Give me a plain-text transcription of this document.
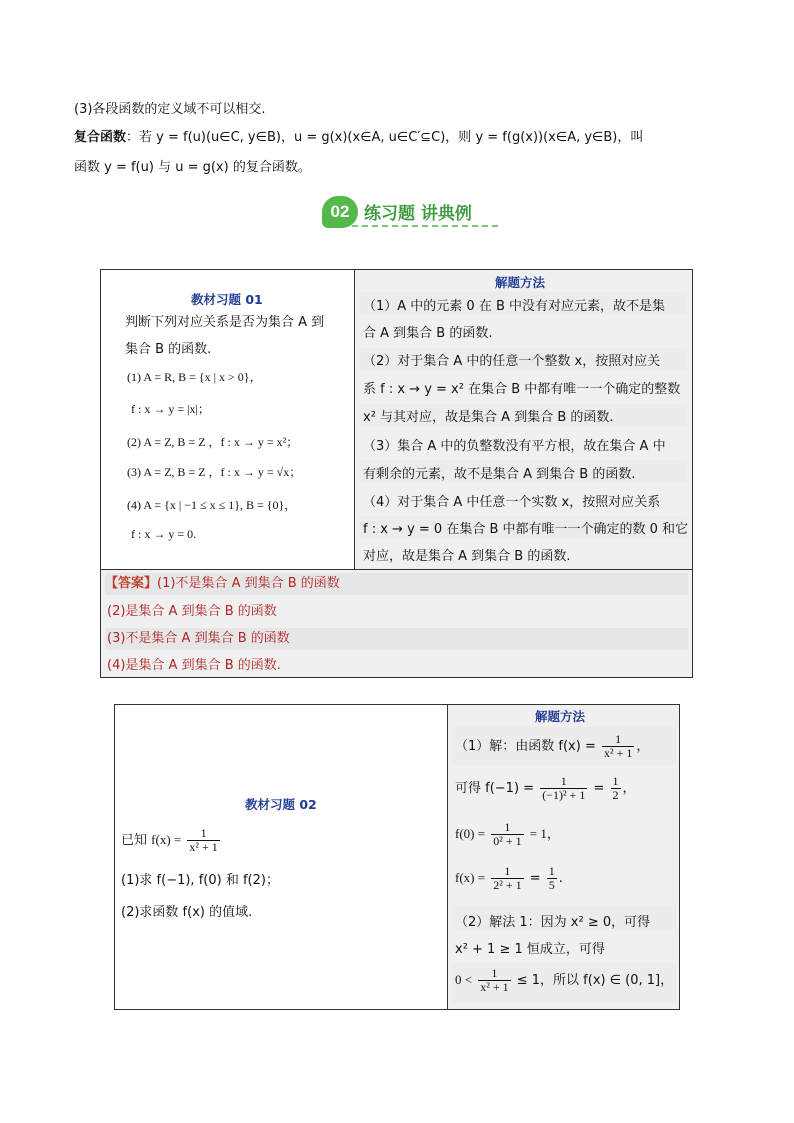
(3)各段函数的定义域不可以相交.
复合函数：若 y = f(u)(u∈C, y∈B)，u = g(x)(x∈A, u∈C′⊆C)，则 y = f(g(x))(x∈A, y∈B)，叫
函数 y = f(u) 与 u = g(x) 的复合函数。
02 练习题 讲典例
教材习题 01
判断下列对应关系是否为集合 A 到
集合 B 的函数.
(1) A = R, B = {x | x > 0}，
f : x → y = |x|；
(2) A = Z, B = Z ，f : x → y = x²；
(3) A = Z, B = Z ，f : x → y = √x；
(4) A = {x | −1 ≤ x ≤ 1}, B = {0}，
f : x → y = 0.
解题方法
（1）A 中的元素 0 在 B 中没有对应元素，故不是集
合 A 到集合 B 的函数.
（2）对于集合 A 中的任意一个整数 x，按照对应关
系 f : x → y = x² 在集合 B 中都有唯一一个确定的整数
x² 与其对应，故是集合 A 到集合 B 的函数.
（3）集合 A 中的负整数没有平方根，故在集合 A 中
有剩余的元素，故不是集合 A 到集合 B 的函数.
（4）对于集合 A 中任意一个实数 x，按照对应关系
f : x → y = 0 在集合 B 中都有唯一一个确定的数 0 和它
对应，故是集合 A 到集合 B 的函数.
【答案】(1)不是集合 A 到集合 B 的函数
(2)是集合 A 到集合 B 的函数
(3)不是集合 A 到集合 B 的函数
(4)是集合 A 到集合 B 的函数.
教材习题 02
已知 $f(x) = \frac{1}{\text{x² + 1}}$
(1)求 f(−1), f(0) 和 f(2)；
(2)求函数 f(x) 的值域.
解题方法
（1）解：由函数 $f(x) = \frac{1}{\text{x² + 1}}$ ，
可得 $f(-1) = \frac{1}{\text{(−1)² + 1}} = \frac{1}{2}$ ，
$f(0) = \frac{1}{\text{0² + 1}} = 1$，
$f(x) = \frac{1}{\text{2² + 1}} = \frac{1}{5}$ .
（2）解法 1：因为 x² ≥ 0，可得
x² + 1 ≥ 1 恒成立，可得
$0 < \frac{1}{\text{x² + 1}} \le 1$，所以 f(x) ∈ (0, 1]，
